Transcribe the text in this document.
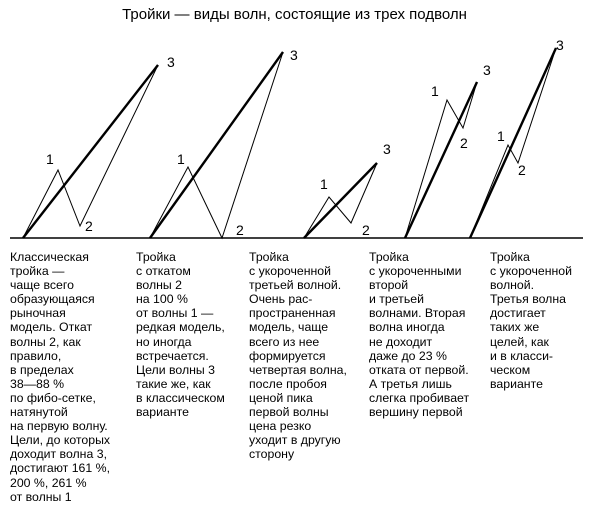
Тройки — виды волн, состоящие из трех подволн
1
2
3
1
2
3
1
2
3
1
2
3
1
2
3
Классическая
тройка —
чаще всего
образующаяся
рыночная
модель. Откат
волны 2, как
правило,
в пределах
38—88 %
по фибо-сетке,
натянутой
на первую волну.
Цели, до которых
доходит волна 3,
достигают 161 %,
200 %, 261 %
от волны 1
Тройка
с откатом
волны 2
на 100 %
от волны 1 —
редкая модель,
но иногда
встречается.
Цели волны 3
такие же, как
в классическом
варианте
Тройка
с укороченной
третьей волной.
Очень рас-
пространенная
модель, чаще
всего из нее
формируется
четвертая волна,
после пробоя
ценой пика
первой волны
цена резко
уходит в другую
сторону
Тройка
с укороченными
второй
и третьей
волнами. Вторая
волна иногда
не доходит
даже до 23 %
отката от первой.
А третья лишь
слегка пробивает
вершину первой
Тройка
с укороченной
волной.
Третья волна
достигает
таких же
целей, как
и в класси-
ческом
варианте
